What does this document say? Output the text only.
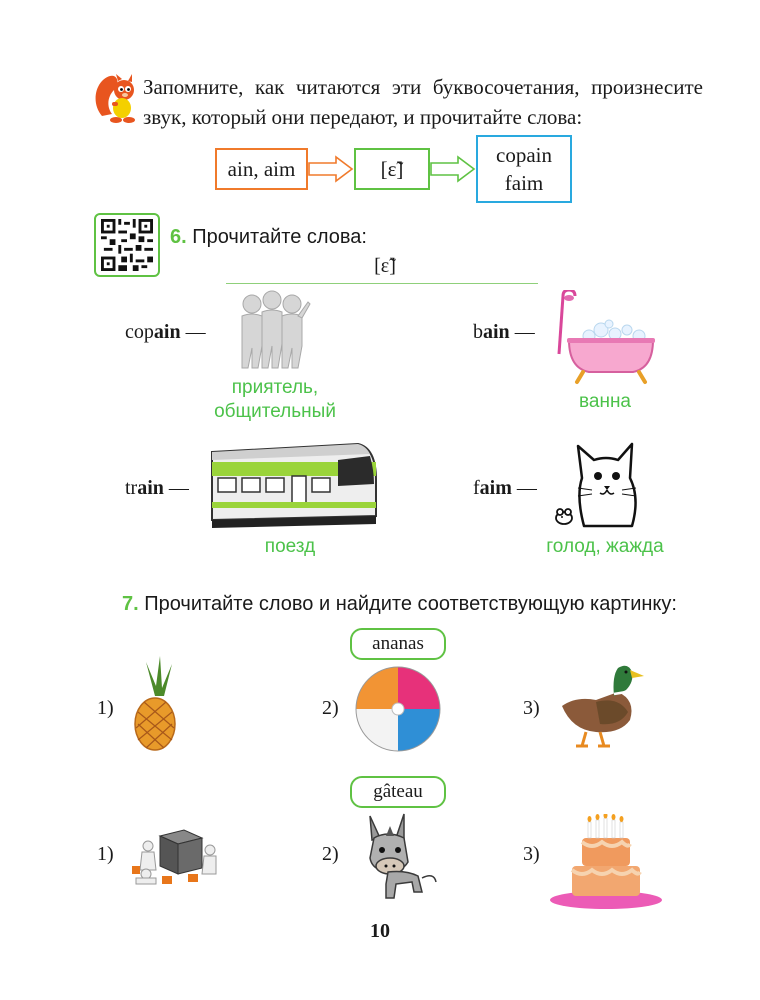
Запомните, как читаются эти буквосочетания, произнесите
звук, который они передают, и прочитайте слова:
ain, aim	[ɛ̃]
copain
faim
6. Прочитайте слова:
[ɛ̃]
copain —
приятель,
общительный
bain —
ванна
train —
поезд
faim —
голод, жажда
7. Прочитайте слово и найдите соответствующую картинку:
ananas
1)	2)	3)
gâteau
1)	2)	3)
10
